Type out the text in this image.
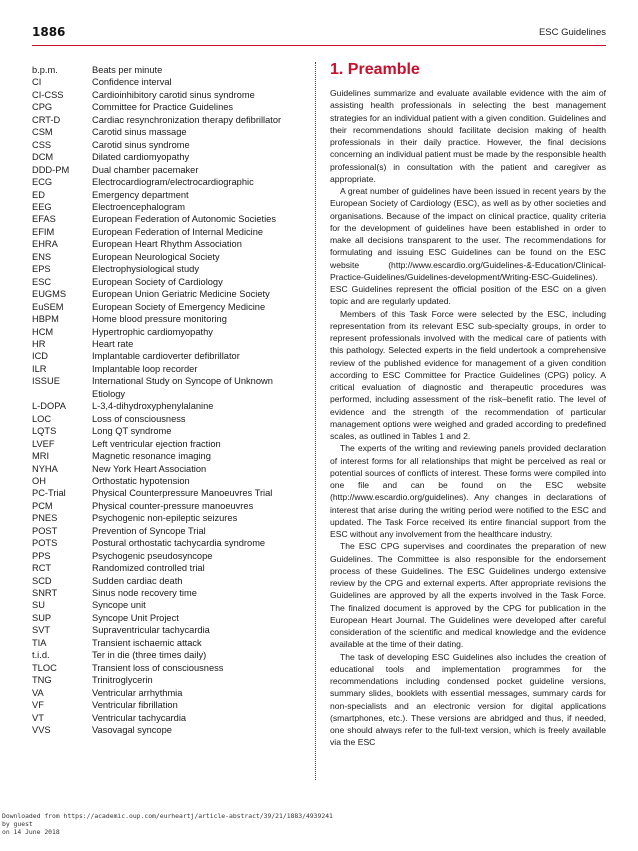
1886	ESC Guidelines
b.p.m.	Beats per minute
CI	Confidence interval
CI-CSS	Cardioinhibitory carotid sinus syndrome
CPG	Committee for Practice Guidelines
CRT-D	Cardiac resynchronization therapy defibrillator
CSM	Carotid sinus massage
CSS	Carotid sinus syndrome
DCM	Dilated cardiomyopathy
DDD-PM	Dual chamber pacemaker
ECG	Electrocardiogram/electrocardiographic
ED	Emergency department
EEG	Electroencephalogram
EFAS	European Federation of Autonomic Societies
EFIM	European Federation of Internal Medicine
EHRA	European Heart Rhythm Association
ENS	European Neurological Society
EPS	Electrophysiological study
ESC	European Society of Cardiology
EUGMS	European Union Geriatric Medicine Society
EuSEM	European Society of Emergency Medicine
HBPM	Home blood pressure monitoring
HCM	Hypertrophic cardiomyopathy
HR	Heart rate
ICD	Implantable cardioverter defibrillator
ILR	Implantable loop recorder
ISSUE	International Study on Syncope of Unknown Etiology
L-DOPA	L-3,4-dihydroxyphenylalanine
LOC	Loss of consciousness
LQTS	Long QT syndrome
LVEF	Left ventricular ejection fraction
MRI	Magnetic resonance imaging
NYHA	New York Heart Association
OH	Orthostatic hypotension
PC-Trial	Physical Counterpressure Manoeuvres Trial
PCM	Physical counter-pressure manoeuvres
PNES	Psychogenic non-epileptic seizures
POST	Prevention of Syncope Trial
POTS	Postural orthostatic tachycardia syndrome
PPS	Psychogenic pseudosyncope
RCT	Randomized controlled trial
SCD	Sudden cardiac death
SNRT	Sinus node recovery time
SU	Syncope unit
SUP	Syncope Unit Project
SVT	Supraventricular tachycardia
TIA	Transient ischaemic attack
t.i.d.	Ter in die (three times daily)
TLOC	Transient loss of consciousness
TNG	Trinitroglycerin
VA	Ventricular arrhythmia
VF	Ventricular fibrillation
VT	Ventricular tachycardia
VVS	Vasovagal syncope
1. Preamble

Guidelines summarize and evaluate available evidence with the aim of assisting health professionals in selecting the best management strategies for an individual patient with a given condition. Guidelines and their recommendations should facilitate decision making of health professionals in their daily practice. However, the final decisions concerning an individual patient must be made by the responsible health professional(s) in consultation with the patient and caregiver as appropriate.

A great number of guidelines have been issued in recent years by the European Society of Cardiology (ESC), as well as by other societies and organisations. Because of the impact on clinical practice, quality criteria for the development of guidelines have been established in order to make all decisions transparent to the user. The recommendations for formulating and issuing ESC Guidelines can be found on the ESC website (http://www.escardio.org/Guidelines-&-Education/Clinical-Practice-Guidelines/Guidelines-development/Writing-ESC-Guidelines). ESC Guidelines represent the official position of the ESC on a given topic and are regularly updated.

Members of this Task Force were selected by the ESC, including representation from its relevant ESC sub-specialty groups, in order to represent professionals involved with the medical care of patients with this pathology. Selected experts in the field undertook a comprehensive review of the published evidence for management of a given condition according to ESC Committee for Practice Guidelines (CPG) policy. A critical evaluation of diagnostic and therapeutic procedures was performed, including assessment of the risk–benefit ratio. The level of evidence and the strength of the recommendation of particular management options were weighed and graded according to predefined scales, as outlined in Tables 1 and 2.

The experts of the writing and reviewing panels provided declaration of interest forms for all relationships that might be perceived as real or potential sources of conflicts of interest. These forms were compiled into one file and can be found on the ESC website (http://www.escardio.org/guidelines). Any changes in declarations of interest that arise during the writing period were notified to the ESC and updated. The Task Force received its entire financial support from the ESC without any involvement from the healthcare industry.

The ESC CPG supervises and coordinates the preparation of new Guidelines. The Committee is also responsible for the endorsement process of these Guidelines. The ESC Guidelines undergo extensive review by the CPG and external experts. After appropriate revisions the Guidelines are approved by all the experts involved in the Task Force. The finalized document is approved by the CPG for publication in the European Heart Journal. The Guidelines were developed after careful consideration of the scientific and medical knowledge and the evidence available at the time of their dating.

The task of developing ESC Guidelines also includes the creation of educational tools and implementation programmes for the recommendations including condensed pocket guideline versions, summary slides, booklets with essential messages, summary cards for non-specialists and an electronic version for digital applications (smartphones, etc.). These versions are abridged and thus, if needed, one should always refer to the full-text version, which is freely available via the ESC

Downloaded from https://academic.oup.com/eurheartj/article-abstract/39/21/1883/4939241
by guest
on 14 June 2018
